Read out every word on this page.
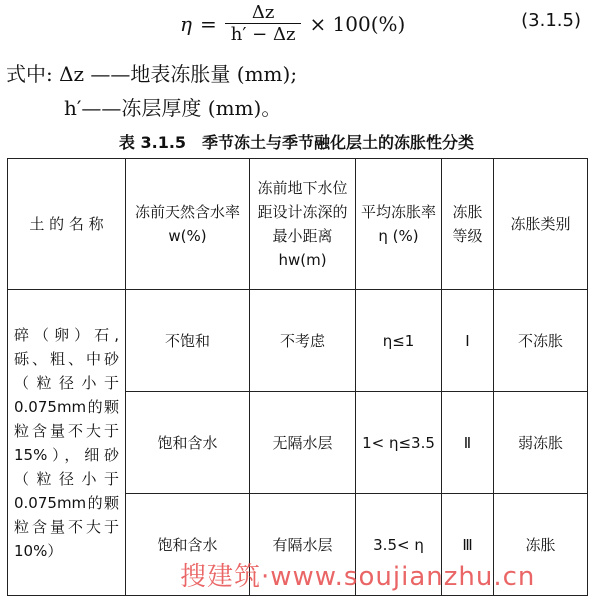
$\eta = \frac{\Delta z}{h' - \Delta z} \times 100(\%)$	(3.1.5)
式中: Δz ——地表冻胀量 (mm);
h′——冻层厚度 (mm)。
表 3.1.5　季节冻土与季节融化层土的冻胀性分类
土 的 名 称	冻前天然含水率 w(%)	冻前地下水位距设计冻深的最小距离 hw(m)	平均冻胀率 η (%)	冻胀等级	冻胀类别
碎（卵）石, 砾、粗、中砂（粒径小于0.075mm的颗粒含量不大于15%），细砂（粒径小于0.075mm的颗粒含量不大于10%）	不饱和	不考虑	η≤1	Ⅰ	不冻胀
	饱和含水	无隔水层	1< η≤3.5	Ⅱ	弱冻胀
	饱和含水	有隔水层	3.5< η	Ⅲ	冻胀
搜建筑·www.soujianzhu.cn
